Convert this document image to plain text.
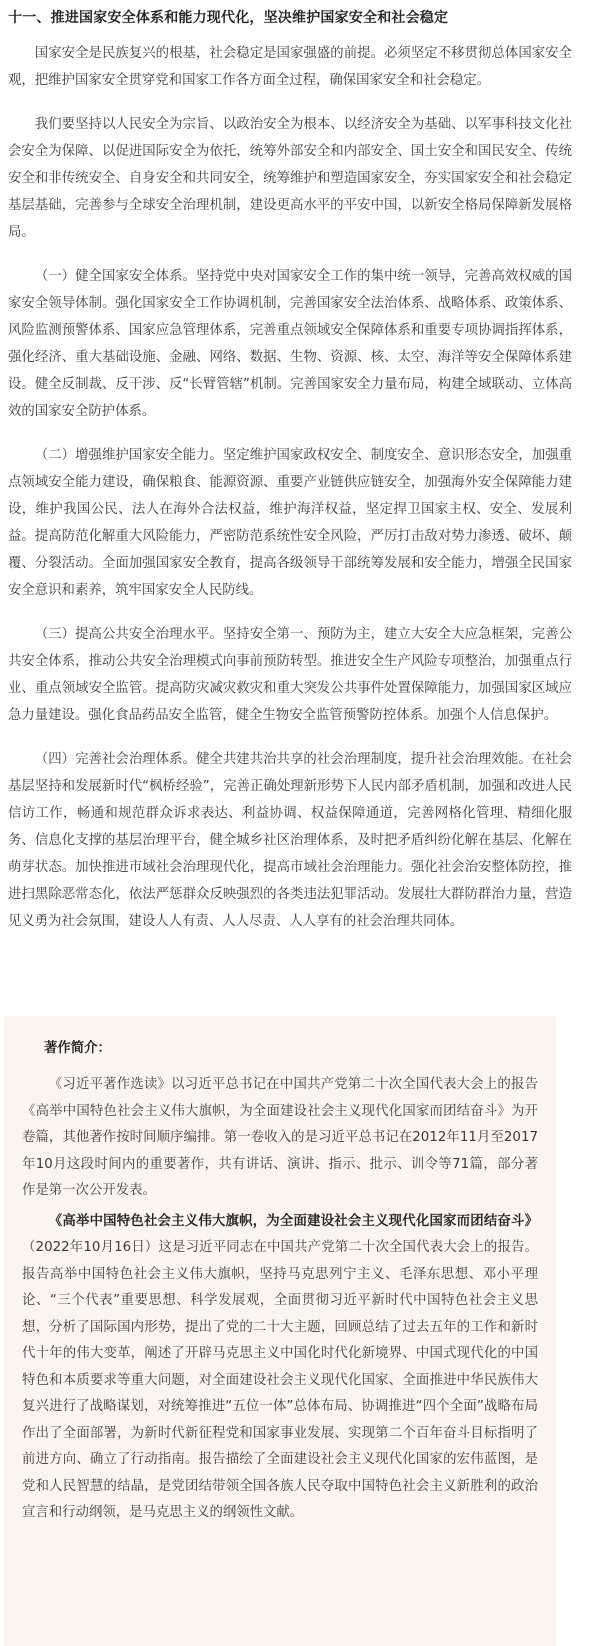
十一、推进国家安全体系和能力现代化，坚决维护国家安全和社会稳定

国家安全是民族复兴的根基，社会稳定是国家强盛的前提。必须坚定不移贯彻总体国家安全观，把维护国家安全贯穿党和国家工作各方面全过程，确保国家安全和社会稳定。

我们要坚持以人民安全为宗旨、以政治安全为根本、以经济安全为基础、以军事科技文化社会安全为保障、以促进国际安全为依托，统筹外部安全和内部安全、国土安全和国民安全、传统安全和非传统安全、自身安全和共同安全，统筹维护和塑造国家安全，夯实国家安全和社会稳定基层基础，完善参与全球安全治理机制，建设更高水平的平安中国，以新安全格局保障新发展格局。

（一）健全国家安全体系。坚持党中央对国家安全工作的集中统一领导，完善高效权威的国家安全领导体制。强化国家安全工作协调机制，完善国家安全法治体系、战略体系、政策体系、风险监测预警体系、国家应急管理体系，完善重点领域安全保障体系和重要专项协调指挥体系，强化经济、重大基础设施、金融、网络、数据、生物、资源、核、太空、海洋等安全保障体系建设。健全反制裁、反干涉、反“长臂管辖”机制。完善国家安全力量布局，构建全域联动、立体高效的国家安全防护体系。

（二）增强维护国家安全能力。坚定维护国家政权安全、制度安全、意识形态安全，加强重点领域安全能力建设，确保粮食、能源资源、重要产业链供应链安全，加强海外安全保障能力建设，维护我国公民、法人在海外合法权益，维护海洋权益，坚定捍卫国家主权、安全、发展利益。提高防范化解重大风险能力，严密防范系统性安全风险，严厉打击敌对势力渗透、破坏、颠覆、分裂活动。全面加强国家安全教育，提高各级领导干部统筹发展和安全能力，增强全民国家安全意识和素养，筑牢国家安全人民防线。

（三）提高公共安全治理水平。坚持安全第一、预防为主，建立大安全大应急框架，完善公共安全体系，推动公共安全治理模式向事前预防转型。推进安全生产风险专项整治，加强重点行业、重点领域安全监管。提高防灾减灾救灾和重大突发公共事件处置保障能力，加强国家区域应急力量建设。强化食品药品安全监管，健全生物安全监管预警防控体系。加强个人信息保护。

（四）完善社会治理体系。健全共建共治共享的社会治理制度，提升社会治理效能。在社会基层坚持和发展新时代“枫桥经验”，完善正确处理新形势下人民内部矛盾机制，加强和改进人民信访工作，畅通和规范群众诉求表达、利益协调、权益保障通道，完善网格化管理、精细化服务、信息化支撑的基层治理平台，健全城乡社区治理体系，及时把矛盾纠纷化解在基层、化解在萌芽状态。加快推进市域社会治理现代化，提高市域社会治理能力。强化社会治安整体防控，推进扫黑除恶常态化，依法严惩群众反映强烈的各类违法犯罪活动。发展壮大群防群治力量，营造见义勇为社会氛围，建设人人有责、人人尽责、人人享有的社会治理共同体。

著作简介：

《习近平著作选读》以习近平总书记在中国共产党第二十次全国代表大会上的报告《高举中国特色社会主义伟大旗帜，为全面建设社会主义现代化国家而团结奋斗》为开卷篇，其他著作按时间顺序编排。第一卷收入的是习近平总书记在2012年11月至2017年10月这段时间内的重要著作，共有讲话、演讲、指示、批示、训令等71篇，部分著作是第一次公开发表。

《高举中国特色社会主义伟大旗帜，为全面建设社会主义现代化国家而团结奋斗》（2022年10月16日）这是习近平同志在中国共产党第二十次全国代表大会上的报告。报告高举中国特色社会主义伟大旗帜，坚持马克思列宁主义、毛泽东思想、邓小平理论、“三个代表”重要思想、科学发展观，全面贯彻习近平新时代中国特色社会主义思想，分析了国际国内形势，提出了党的二十大主题，回顾总结了过去五年的工作和新时代十年的伟大变革，阐述了开辟马克思主义中国化时代化新境界、中国式现代化的中国特色和本质要求等重大问题，对全面建设社会主义现代化国家、全面推进中华民族伟大复兴进行了战略谋划，对统筹推进“五位一体”总体布局、协调推进“四个全面”战略布局作出了全面部署，为新时代新征程党和国家事业发展、实现第二个百年奋斗目标指明了前进方向、确立了行动指南。报告描绘了全面建设社会主义现代化国家的宏伟蓝图，是党和人民智慧的结晶，是党团结带领全国各族人民夺取中国特色社会主义新胜利的政治宣言和行动纲领，是马克思主义的纲领性文献。
